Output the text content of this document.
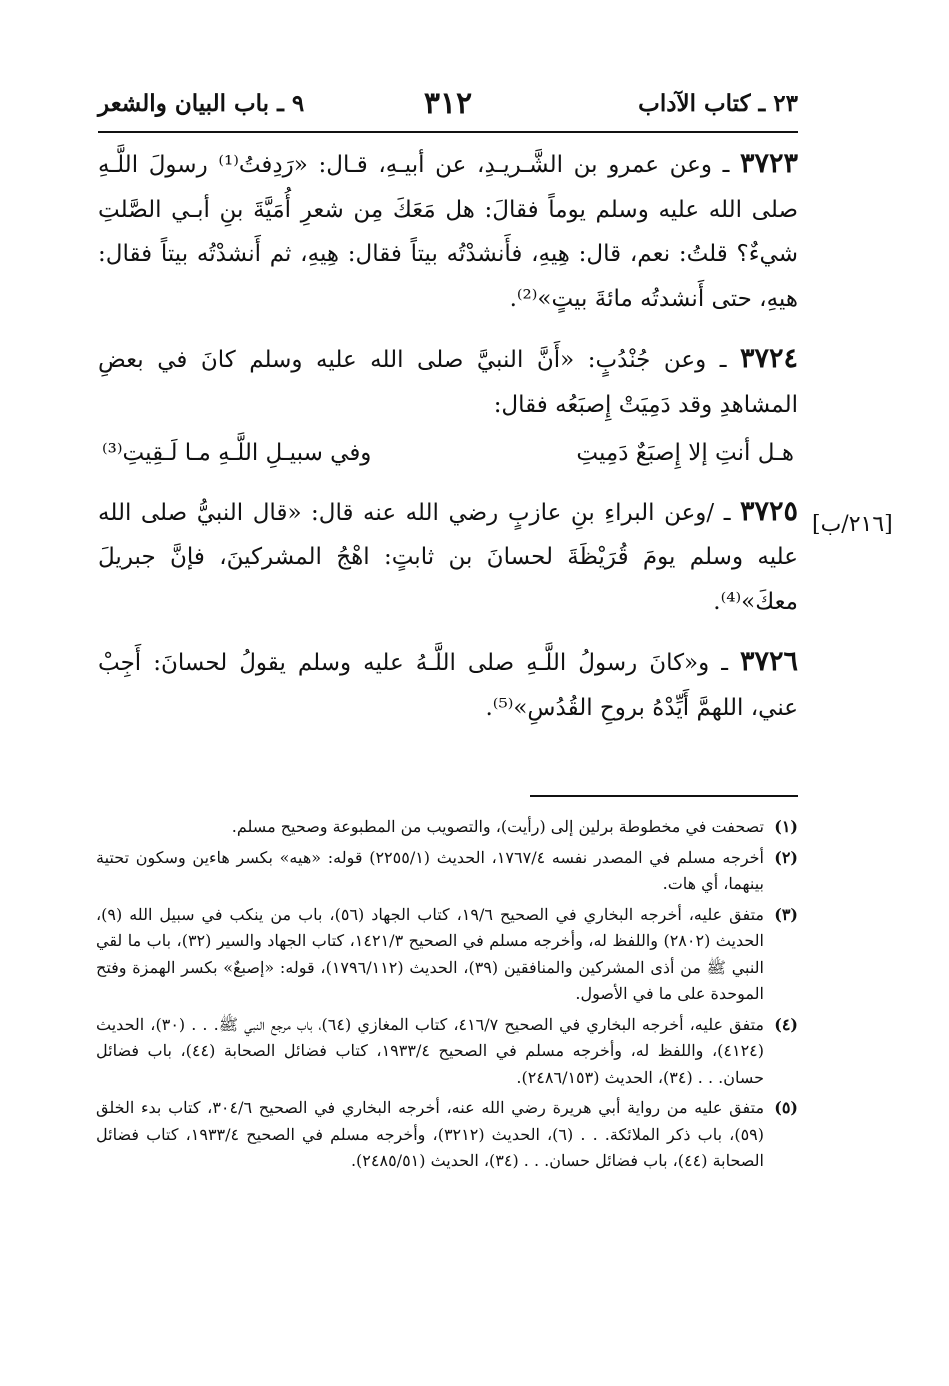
٢٣ ـ كتاب الآداب
٣١٢
٩ ـ باب البيان والشعر
[٢١٦/ب]

٣٧٢٣ ـ وعن عمرو بن الشَّـريـدِ، عن أبيـهِ، قـال: «رَدِفتُ⁽¹⁾ رسولَ اللَّـهِ صلى الله عليه وسلم يوماً فقالَ: هل مَعَكَ مِن شعرِ أُمَيَّةَ بنِ أبـي الصَّلتِ شيءٌ؟ قلتُ: نعم، قال: هِيهِ، فأَنشدْتُه بيتاً فقال: هِيهِ، ثم أَنشدْتُه بيتاً فقال: هيهِ، حتى أَنشدتُه مائةَ بيتٍ»⁽²⁾.

٣٧٢٤ ـ وعن جُنْدُبٍ: «أَنَّ النبيَّ صلى الله عليه وسلم كانَ في بعضِ المشاهدِ وقد دَمِيَتْ إِصبَعُه فقال:

هـل أنتِ إلا إِصبَعٌ دَمِيتِ
وفي سبيـلِ اللَّـهِ مـا لَـقِيتِ⁽³⁾

٣٧٢٥ ـ /وعن البراءِ بنِ عازبٍ رضي الله عنه قال: «قال النبيُّ صلى الله عليه وسلم يومَ قُرَيْظَةَ لحسانَ بن ثابتٍ: اهْجُ المشركينَ، فإنَّ جبريلَ معكَ»⁽⁴⁾.

٣٧٢٦ ـ و«كانَ رسولُ اللَّـهِ صلى اللَّـهُ عليه وسلم يقولُ لحسانَ: أَجِبْ عني، اللهمَّ أَيِّدْهُ بروحِ القُدُسِ»⁽⁵⁾.

(١)
تصحفت في مخطوطة برلين إلى (رأيت)، والتصويب من المطبوعة وصحيح مسلم.
(٢)
أخرجه مسلم في المصدر نفسه ١٧٦٧/٤، الحديث (٢٢٥٥/١) قوله: «هيه» بكسر هاءين وسكون تحتية بينهما، أي هات.
(٣)
متفق عليه، أخرجه البخاري في الصحيح ١٩/٦، كتاب الجهاد (٥٦)، باب من ينكب في سبيل الله (٩)، الحديث (٢٨٠٢) واللفظ له، وأخرجه مسلم في الصحيح ١٤٢١/٣، كتاب الجهاد والسير (٣٢)، باب ما لقي النبي ﷺ من أذى المشركين والمنافقين (٣٩)، الحديث (١٧٩٦/١١٢)، قوله: «إصبعٌ» بكسر الهمزة وفتح الموحدة على ما في الأصول.
(٤)
متفق عليه، أخرجه البخاري في الصحيح ٤١٦/٧، كتاب المغازي (٦٤)، باب مرجع النبي ﷺ. . . (٣٠)، الحديث (٤١٢٤)، واللفظ له، وأخرجه مسلم في الصحيح ١٩٣٣/٤، كتاب فضائل الصحابة (٤٤)، باب فضائل حسان. . . (٣٤)، الحديث (٢٤٨٦/١٥٣).
(٥)
متفق عليه من رواية أبي هريرة رضي الله عنه، أخرجه البخاري في الصحيح ٣٠٤/٦، كتاب بدء الخلق (٥٩)، باب ذكر الملائكة. . . (٦)، الحديث (٣٢١٢)، وأخرجه مسلم في الصحيح ١٩٣٣/٤، كتاب فضائل الصحابة (٤٤)، باب فضائل حسان. . . (٣٤)، الحديث (٢٤٨٥/٥١).
